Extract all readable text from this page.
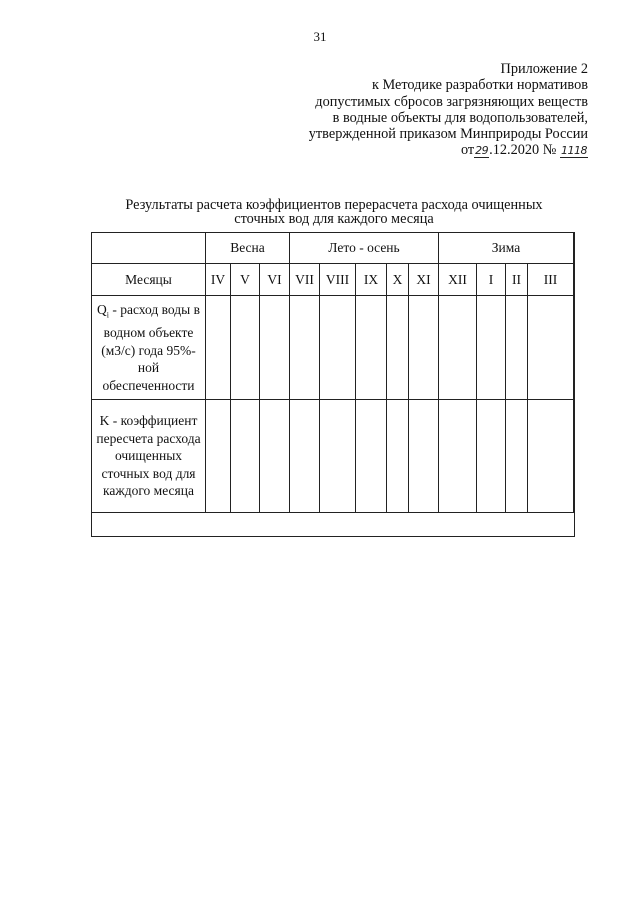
31
Приложение 2
к Методике разработки нормативов
допустимых сбросов загрязняющих веществ
в водные объекты для водопользователей,
утвержденной приказом Минприроды России
от29.12.2020 № 1118
Результаты расчета коэффициентов перерасчета расхода очищенных
сточных вод для каждого месяца
	Весна			Лето - осень					Зима			
Месяцы	IV	V	VI	VII	VIII	IX	X	XI	XII	I	II	III
$Q_i$ - расход воды в водном объекте (м3/с) года 95%-ной обеспеченности												
K - коэффициент пересчета расхода очищенных сточных вод для каждого месяца												
